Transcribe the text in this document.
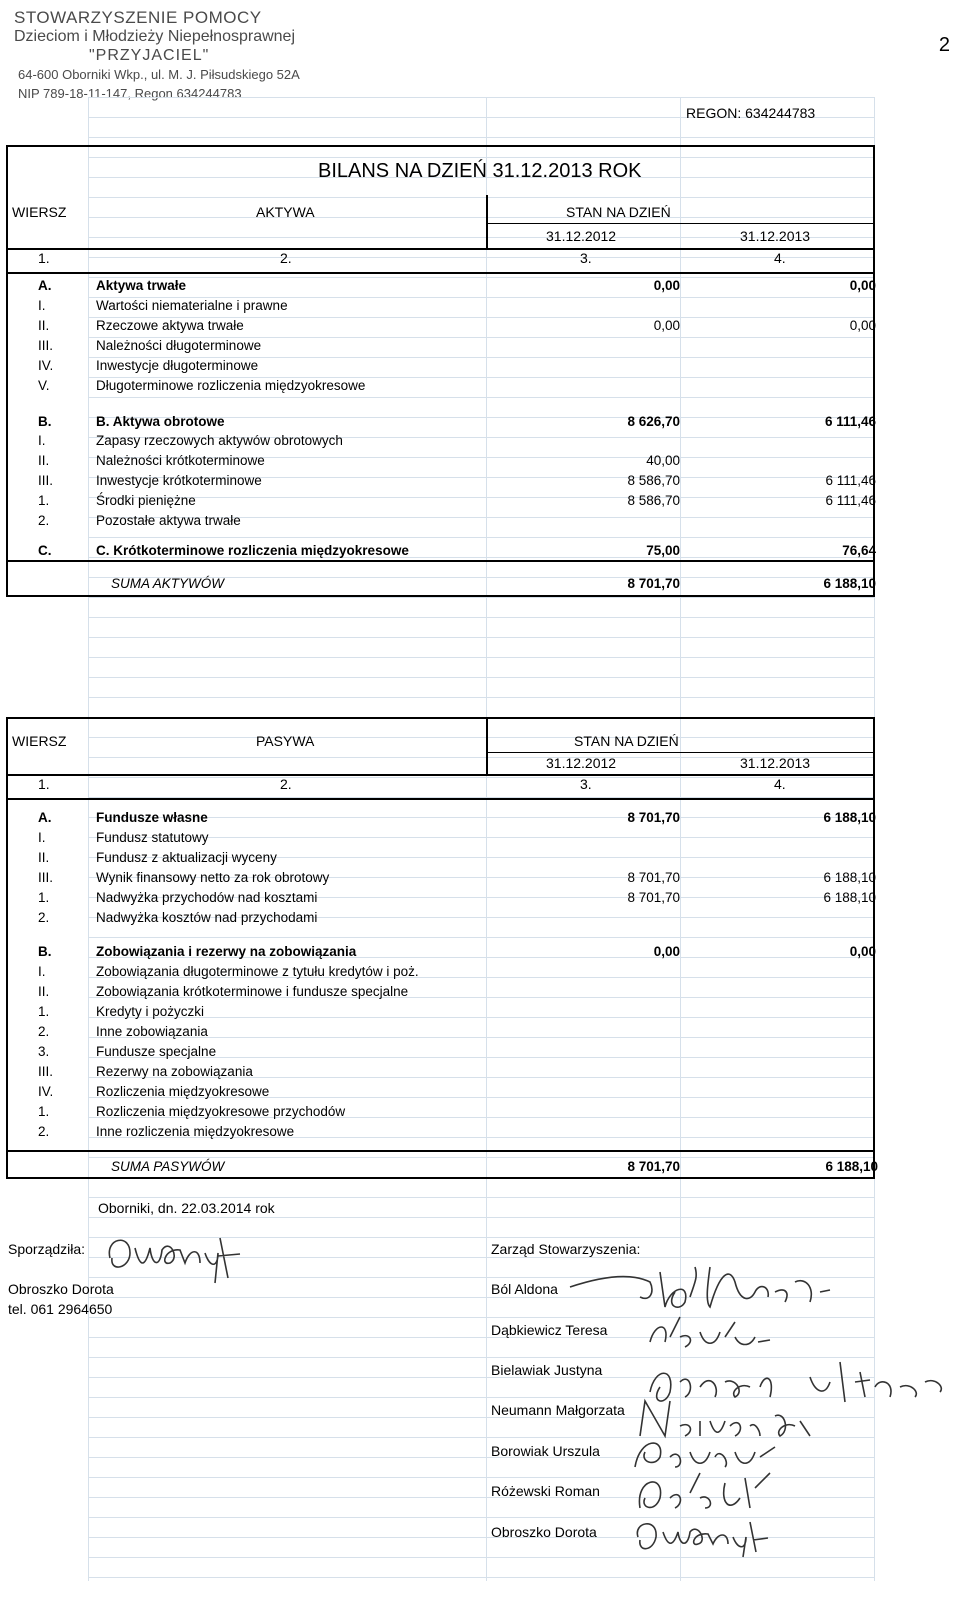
STOWARZYSZENIE POMOCY
Dzieciom i Młodzieży Niepełnosprawnej
"PRZYJACIEL"
64-600 Oborniki Wkp., ul. M. J. Piłsudskiego 52A
NIP 789-18-11-147, Regon 634244783
2
REGON: 634244783
BILANS NA DZIEŃ 31.12.2013 ROK
WIERSZ	AKTYWA	STAN NA DZIEŃ
31.12.2012	31.12.2013
1.	2.	3.	4.
A.	Aktywa trwałe	0,00	0,00
I.	Wartości niematerialne i prawne
II.	Rzeczowe aktywa trwałe	0,00	0,00
III.	Należności długoterminowe
IV.	Inwestycje długoterminowe
V.	Długoterminowe rozliczenia międzyokresowe
B.	B. Aktywa obrotowe	8 626,70	6 111,46
I.	Zapasy rzeczowych aktywów obrotowych
II.	Należności krótkoterminowe	40,00
III.	Inwestycje krótkoterminowe	8 586,70	6 111,46
1.	Środki pieniężne	8 586,70	6 111,46
2.	Pozostałe aktywa trwałe
C.	C. Krótkoterminowe rozliczenia międzyokresowe	75,00	76,64
SUMA AKTYWÓW	8 701,70	6 188,10
WIERSZ	PASYWA	STAN NA DZIEŃ
31.12.2012	31.12.2013
1.	2.	3.	4.
A.	Fundusze własne	8 701,70	6 188,10
I.	Fundusz statutowy
II.	Fundusz z aktualizacji wyceny
III.	Wynik finansowy netto za rok obrotowy	8 701,70	6 188,10
1.	Nadwyżka przychodów nad kosztami	8 701,70	6 188,10
2.	Nadwyżka kosztów nad przychodami
B.	Zobowiązania i rezerwy na zobowiązania	0,00	0,00
I.	Zobowiązania długoterminowe z tytułu kredytów i poż.
II.	Zobowiązania krótkoterminowe i fundusze specjalne
1.	Kredyty i pożyczki
2.	Inne zobowiązania
3.	Fundusze specjalne
III.	Rezerwy na zobowiązania
IV.	Rozliczenia międzyokresowe
1.	Rozliczenia międzyokresowe przychodów
2.	Inne rozliczenia międzyokresowe
SUMA PASYWÓW	8 701,70	6 188,10
Oborniki, dn. 22.03.2014 rok
Sporządziła:
Obroszko Dorota
tel. 061 2964650
Zarząd Stowarzyszenia:
Ból Aldona
Dąbkiewicz Teresa
Bielawiak Justyna
Neumann Małgorzata
Borowiak Urszula
Różewski Roman
Obroszko Dorota
